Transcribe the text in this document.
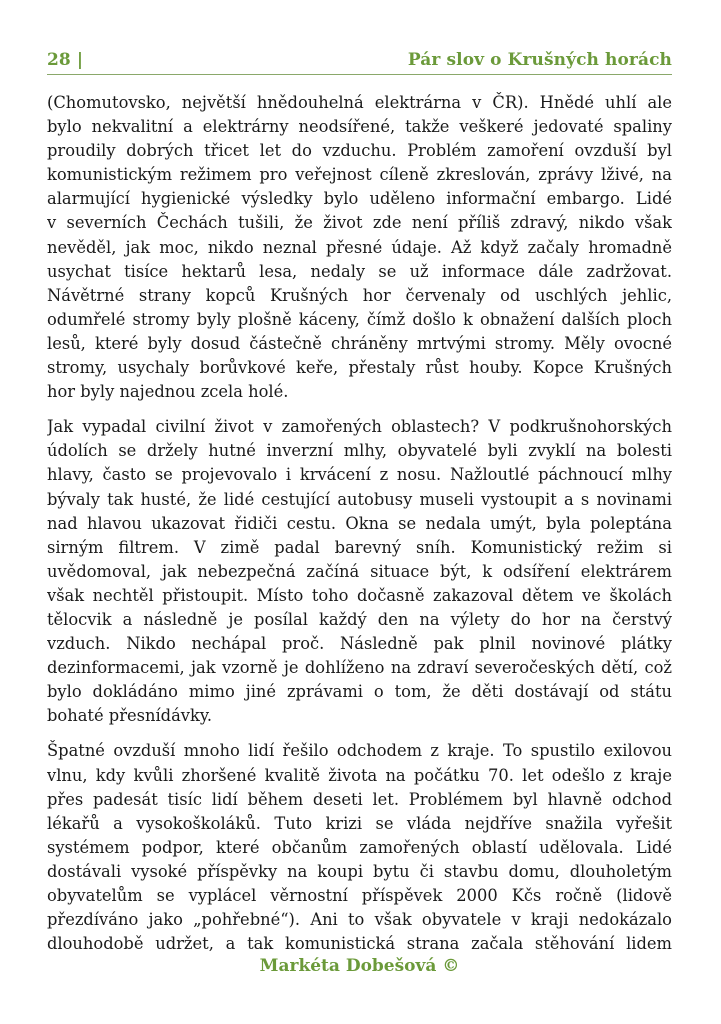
28 |	Pár slov o Krušných horách

(Chomutovsko, největší hnědouhelná elektrárna v ČR). Hnědé uhlí ale
bylo nekvalitní a elektrárny neodsířené, takže veškeré jedovaté spaliny
proudily dobrých třicet let do vzduchu. Problém zamoření ovzduší byl
komunistickým režimem pro veřejnost cíleně zkreslován, zprávy lživé, na
alarmující hygienické výsledky bylo uděleno informační embargo. Lidé
v severních Čechách tušili, že život zde není příliš zdravý, nikdo však
nevěděl, jak moc, nikdo neznal přesné údaje. Až když začaly hromadně
usychat tisíce hektarů lesa, nedaly se už informace dále zadržovat.
Návětrné strany kopců Krušných hor červenaly od uschlých jehlic,
odumřelé stromy byly plošně káceny, čímž došlo k obnažení dalších ploch
lesů, které byly dosud částečně chráněny mrtvými stromy. Měly ovocné
stromy, usychaly borůvkové keře, přestaly růst houby. Kopce Krušných
hor byly najednou zcela holé.

Jak vypadal civilní život v zamořených oblastech? V podkrušnohorských
údolích se držely hutné inverzní mlhy, obyvatelé byli zvyklí na bolesti
hlavy, často se projevovalo i krvácení z nosu. Nažloutlé páchnoucí mlhy
bývaly tak husté, že lidé cestující autobusy museli vystoupit a s novinami
nad hlavou ukazovat řidiči cestu. Okna se nedala umýt, byla poleptána
sirným filtrem. V zimě padal barevný sníh. Komunistický režim si
uvědomoval, jak nebezpečná začíná situace být, k odsíření elektrárem
však nechtěl přistoupit. Místo toho dočasně zakazoval dětem ve školách
tělocvik a následně je posílal každý den na výlety do hor na čerstvý
vzduch. Nikdo nechápal proč. Následně pak plnil novinové plátky
dezinformacemi, jak vzorně je dohlíženo na zdraví severočeských dětí, což
bylo dokládáno mimo jiné zprávami o tom, že děti dostávají od státu
bohaté přesnídávky.

Špatné ovzduší mnoho lidí řešilo odchodem z kraje. To spustilo exilovou
vlnu, kdy kvůli zhoršené kvalitě života na počátku 70. let odešlo z kraje
přes padesát tisíc lidí během deseti let. Problémem byl hlavně odchod
lékařů a vysokoškoláků. Tuto krizi se vláda nejdříve snažila vyřešit
systémem podpor, které občanům zamořených oblastí udělovala. Lidé
dostávali vysoké příspěvky na koupi bytu či stavbu domu, dlouholetým
obyvatelům se vyplácel věrnostní příspěvek 2000 Kčs ročně (lidově
přezdíváno jako „pohřebné“). Ani to však obyvatele v kraji nedokázalo
dlouhodobě udržet, a tak komunistická strana začala stěhování lidem

Markéta Dobešová ©
